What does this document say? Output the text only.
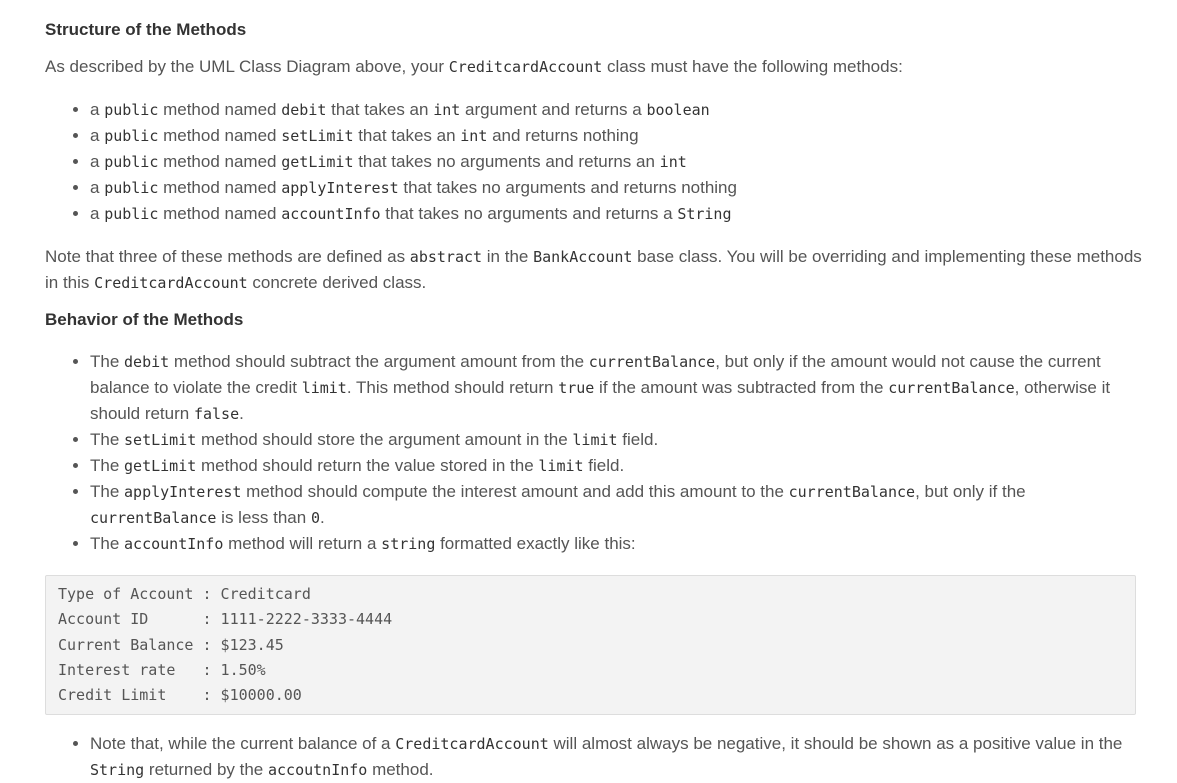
Structure of the Methods

As described by the UML Class Diagram above, your CreditcardAccount class must have the following methods:

• a public method named debit that takes an int argument and returns a boolean
• a public method named setLimit that takes an int and returns nothing
• a public method named getLimit that takes no arguments and returns an int
• a public method named applyInterest that takes no arguments and returns nothing
• a public method named accountInfo that takes no arguments and returns a String

Note that three of these methods are defined as abstract in the BankAccount base class. You will be overriding and implementing these methods in this CreditcardAccount concrete derived class.

Behavior of the Methods
• The debit method should subtract the argument amount from the currentBalance, but only if the amount would not cause the current balance to violate the credit limit. This method should return true if the amount was subtracted from the currentBalance, otherwise it should return false.
• The setLimit method should store the argument amount in the limit field.
• The getLimit method should return the value stored in the limit field.
• The applyInterest method should compute the interest amount and add this amount to the currentBalance, but only if the currentBalance is less than 0.
• The accountInfo method will return a string formatted exactly like this:
Type of Account : Creditcard
Account ID      : 1111-2222-3333-4444
Current Balance : $123.45
Interest rate   : 1.50%
Credit Limit    : $10000.00
• Note that, while the current balance of a CreditcardAccount will almost always be negative, it should be shown as a positive value in the String returned by the accoutnInfo method.
